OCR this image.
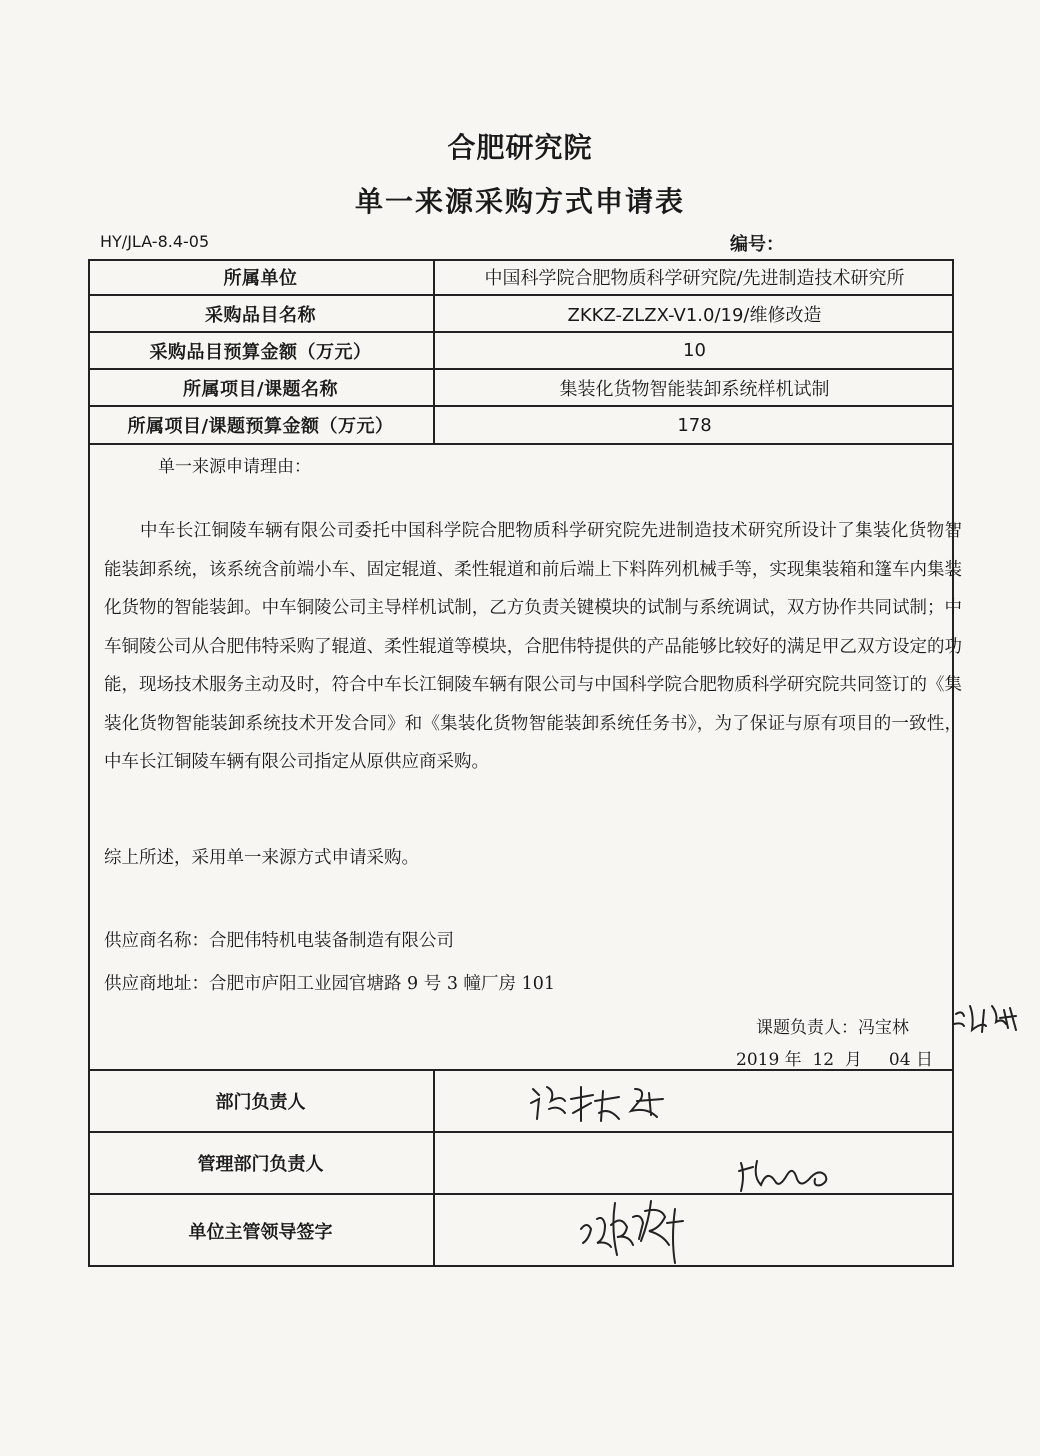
合肥研究院
单一来源采购方式申请表
HY/JLA-8.4-05	编号：
所属单位	中国科学院合肥物质科学研究院/先进制造技术研究所
采购品目名称	ZKKZ-ZLZX-V1.0/19/维修改造
采购品目预算金额（万元）	10
所属项目/课题名称	集装化货物智能装卸系统样机试制
所属项目/课题预算金额（万元）	178
单一来源申请理由：
中车长江铜陵车辆有限公司委托中国科学院合肥物质科学研究院先进制造技术研究所设计了集装化货物智能装卸系统，该系统含前端小车、固定辊道、柔性辊道和前后端上下料阵列机械手等，实现集装箱和篷车内集装化货物的智能装卸。中车铜陵公司主导样机试制，乙方负责关键模块的试制与系统调试，双方协作共同试制；中车铜陵公司从合肥伟特采购了辊道、柔性辊道等模块，合肥伟特提供的产品能够比较好的满足甲乙双方设定的功能，现场技术服务主动及时，符合中车长江铜陵车辆有限公司与中国科学院合肥物质科学研究院共同签订的《集装化货物智能装卸系统技术开发合同》和《集装化货物智能装卸系统任务书》，为了保证与原有项目的一致性，中车长江铜陵车辆有限公司指定从原供应商采购。
综上所述，采用单一来源方式申请采购。
供应商名称：合肥伟特机电装备制造有限公司
供应商地址：合肥市庐阳工业园官塘路 9 号 3 幢厂房 101
课题负责人：冯宝林
2019 年  12  月     04 日
部门负责人
管理部门负责人
单位主管领导签字
